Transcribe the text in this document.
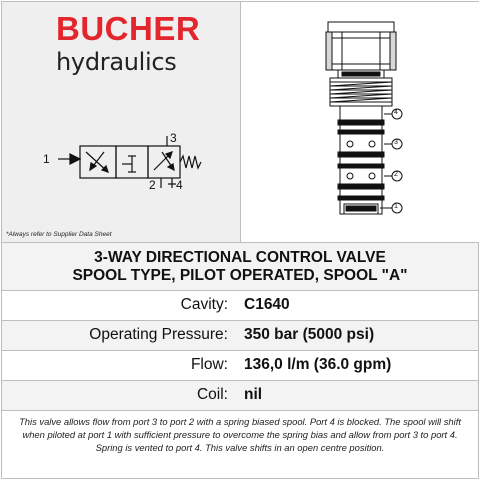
BUCHER
hydraulics
1
3
2 4
*Always refer to Supplier Data Sheet
4
3
2
1
3-WAY DIRECTIONAL CONTROL VALVE
SPOOL TYPE, PILOT OPERATED, SPOOL "A"
Cavity: C1640
Operating Pressure: 350 bar (5000 psi)
Flow: 136,0 l/m (36.0 gpm)
Coil: nil

This valve allows flow from port 3 to port 2 with a spring biased spool. Port 4 is blocked. The spool will shift when piloted at port 1 with sufficient pressure to overcome the spring bias and allow from port 3 to port 4. Spring is vented to port 4. This valve shifts in an open centre position.
